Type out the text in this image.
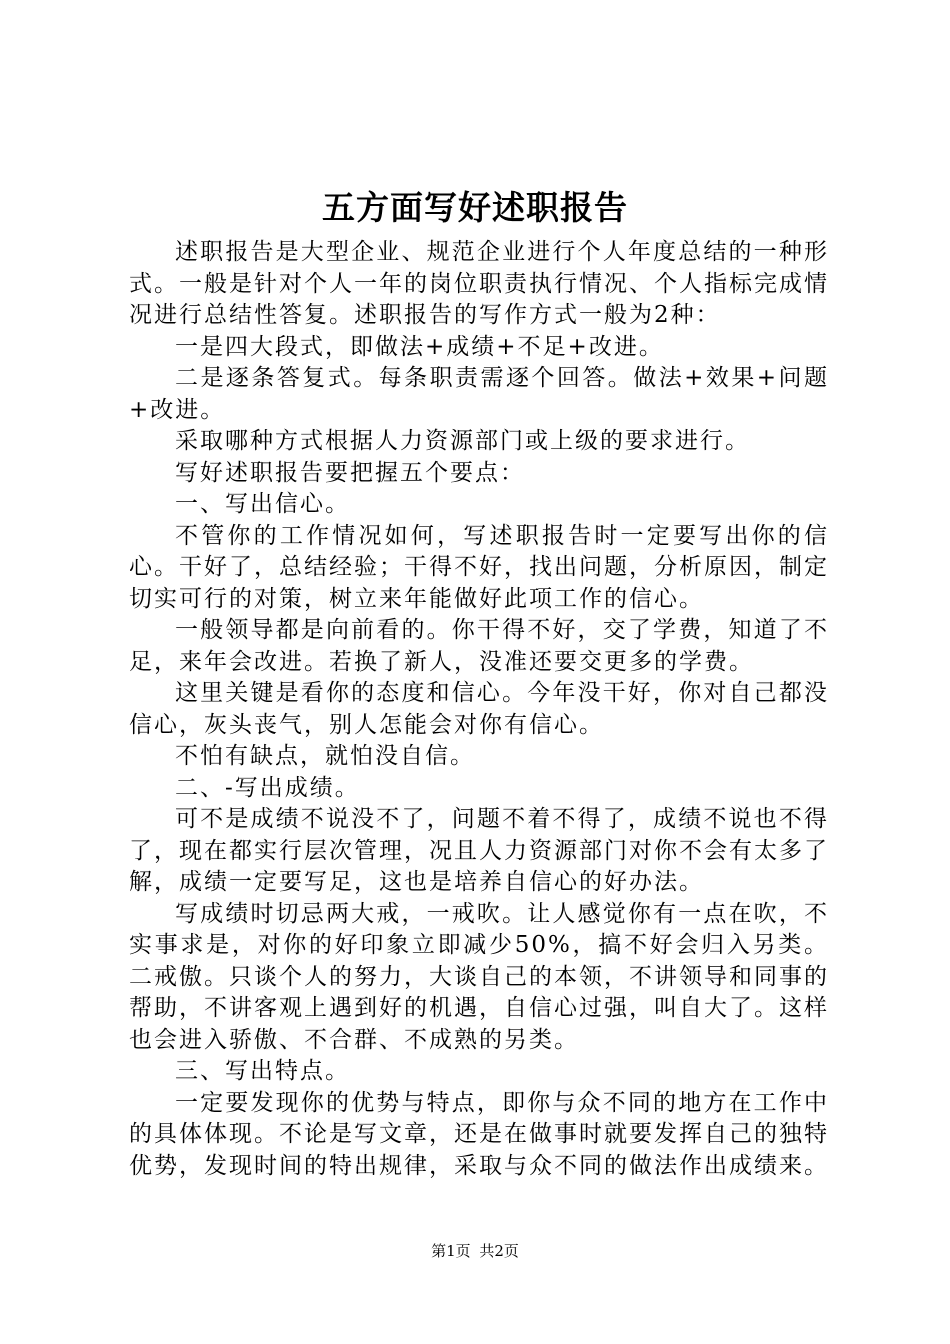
五方面写好述职报告

述职报告是大型企业、规范企业进行个人年度总结的一种形式。一般是针对个人一年的岗位职责执行情况、个人指标完成情况进行总结性答复。述职报告的写作方式一般为2种：

一是四大段式，即做法+成绩+不足+改进。

二是逐条答复式。每条职责需逐个回答。做法+效果+问题+改进。

采取哪种方式根据人力资源部门或上级的要求进行。

写好述职报告要把握五个要点：

一、写出信心。

不管你的工作情况如何，写述职报告时一定要写出你的信心。干好了，总结经验；干得不好，找出问题，分析原因，制定切实可行的对策，树立来年能做好此项工作的信心。

一般领导都是向前看的。你干得不好，交了学费，知道了不足，来年会改进。若换了新人，没准还要交更多的学费。

这里关键是看你的态度和信心。今年没干好，你对自己都没信心，灰头丧气，别人怎能会对你有信心。

不怕有缺点，就怕没自信。

二、-写出成绩。

可不是成绩不说没不了，问题不着不得了，成绩不说也不得了，现在都实行层次管理，况且人力资源部门对你不会有太多了解，成绩一定要写足，这也是培养自信心的好办法。

写成绩时切忌两大戒，一戒吹。让人感觉你有一点在吹，不实事求是，对你的好印象立即减少50%，搞不好会归入另类。二戒傲。只谈个人的努力，大谈自己的本领，不讲领导和同事的帮助，不讲客观上遇到好的机遇，自信心过强，叫自大了。这样也会进入骄傲、不合群、不成熟的另类。

三、写出特点。

一定要发现你的优势与特点，即你与众不同的地方在工作中的具体体现。不论是写文章，还是在做事时就要发挥自己的独特优势，发现时间的特出规律，采取与众不同的做法作出成绩来。

第1页 共2页
